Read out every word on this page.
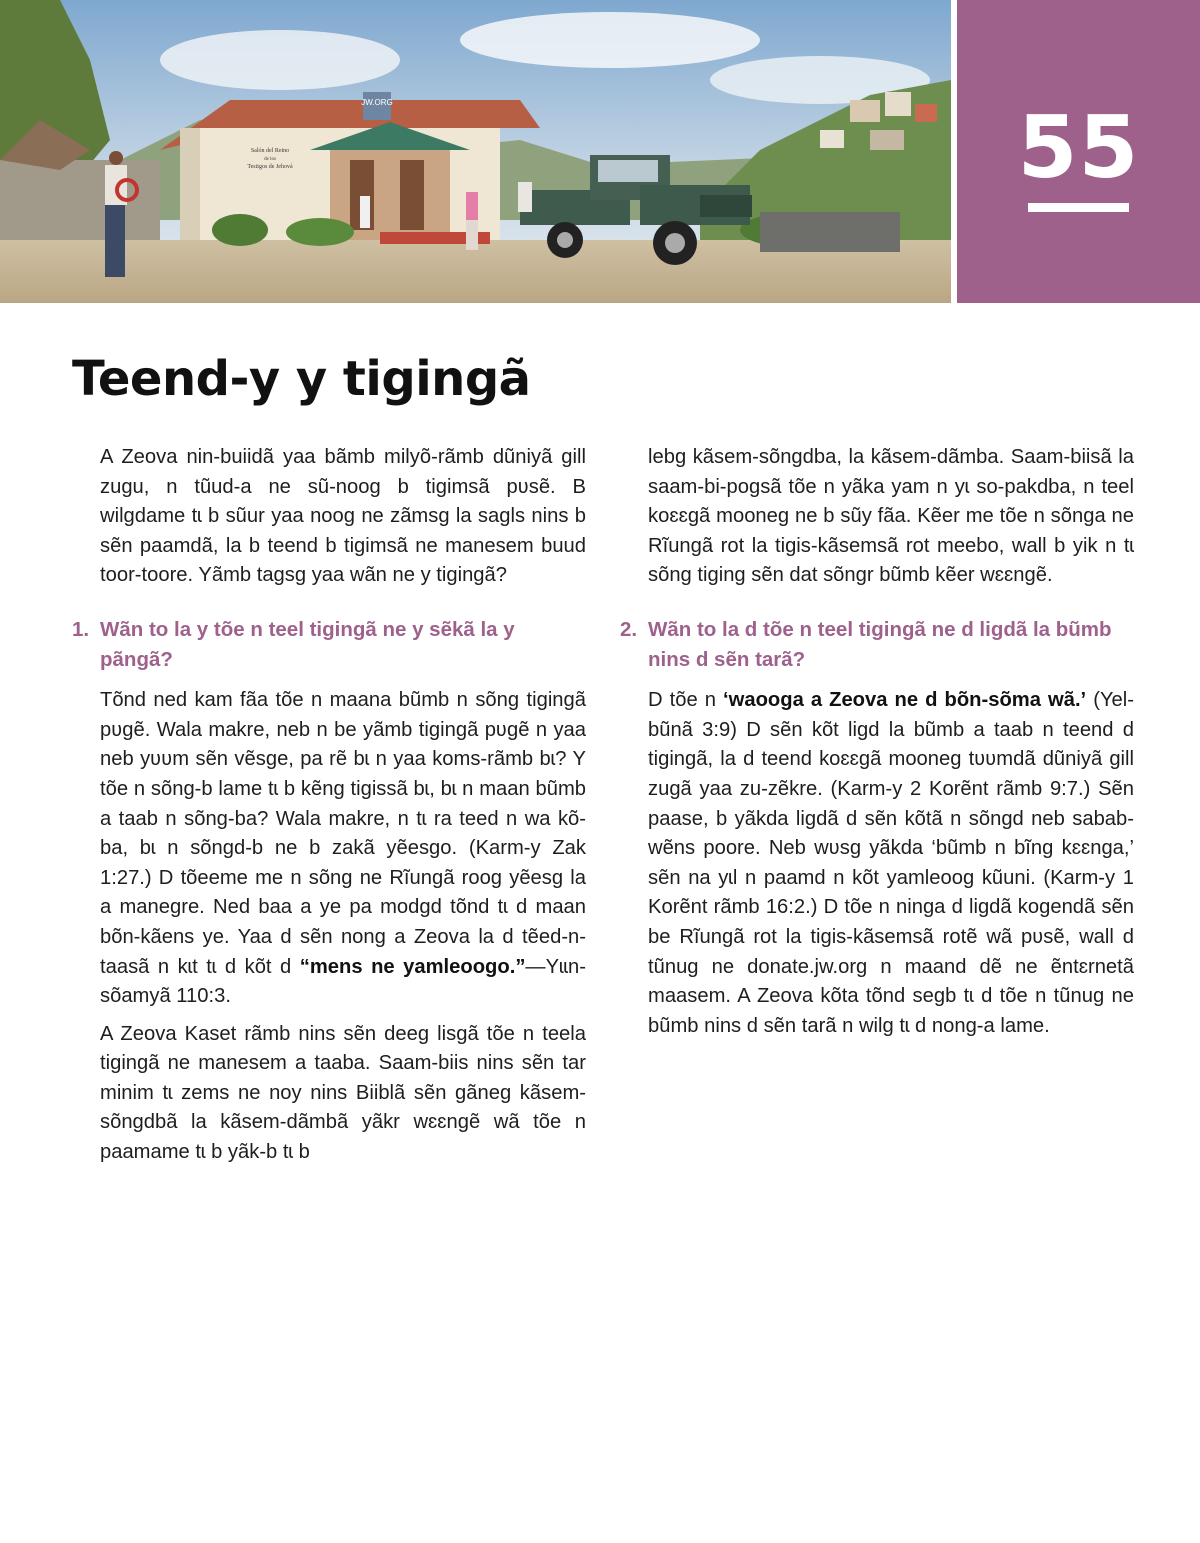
JW.ORG
Salón del Reino
de los
Testigos de Jehová	55
Teend-y y tigingã

A Zeova nin-buiidã yaa bãmb milyõ-rãmb dũniyã gill zugu, n tũud-a ne sũ-noog b tigimsã pʋsẽ. B wilgdame tɩ b sũur yaa noog ne zãmsg la sagls nins b sẽn paamdã, la b teend b tigimsã ne manesem buud toor-toore. Yãmb tagsg yaa wãn ne y tigingã?

1. Wãn to la y tõe n teel tigingã ne y sẽkã la y pãngã?

Tõnd ned kam fãa tõe n maana bũmb n sõng tigingã pʋgẽ. Wala makre, neb n be yãmb tigingã pʋgẽ n yaa neb yʋʋm sẽn vẽsge, pa rẽ bɩ n yaa koms-rãmb bɩ? Y tõe n sõng-b lame tɩ b kẽng tigissã bɩ, bɩ n maan bũmb a taab n sõng-ba? Wala makre, n tɩ ra teed n wa kõ-ba, bɩ n sõngd-b ne b zakã yẽesgo. (Karm-y Zak 1:27.) D tõeeme me n sõng ne Rĩungã roog yẽesg la a manegre. Ned baa a ye pa modgd tõnd tɩ d maan bõn-kãens ye. Yaa d sẽn nong a Zeova la d tẽed-n-taasã n kɩt tɩ d kõt d “mens ne yamleoogo.”—Yɩɩn-sõamyã 110:3.

A Zeova Kaset rãmb nins sẽn deeg lisgã tõe n teela tigingã ne manesem a taaba. Saam-biis nins sẽn tar minim tɩ zems ne noy nins Biiblã sẽn gãneg kãsem-sõngdbã la kãsem-dãmbã yãkr wɛɛngẽ wã tõe n paamame tɩ b yãk-b tɩ b

lebg kãsem-sõngdba, la kãsem-dãmba. Saam-biisã la saam-bi-pogsã tõe n yãka yam n yɩ so-pakdba, n teel koɛɛgã mooneg ne b sũy fãa. Kẽer me tõe n sõnga ne Rĩungã rot la tigis-kãsemsã rot meebo, wall b yik n tɩ sõng tiging sẽn dat sõngr bũmb kẽer wɛɛngẽ.

2. Wãn to la d tõe n teel tigingã ne d ligdã la bũmb nins d sẽn tarã?

D tõe n ‘waooga a Zeova ne d bõn-sõma wã.’ (Yel-bũnã 3:9) D sẽn kõt ligd la bũmb a taab n teend d tigingã, la d teend koɛɛgã mooneg tʋʋmdã dũniyã gill zugã yaa zu-zẽkre. (Karm-y 2 Korẽnt rãmb 9:7.) Sẽn paase, b yãkda ligdã d sẽn kõtã n sõngd neb sabab-wẽns poore. Neb wʋsg yãkda ‘bũmb n bĩng kɛɛnga,’ sẽn na yɩl n paamd n kõt yamleoog kũuni. (Karm-y 1 Korẽnt rãmb 16:2.) D tõe n ninga d ligdã kogendã sẽn be Rĩungã rot la tigis-kãsemsã rotẽ wã pʋsẽ, wall d tũnug ne donate.jw.org n maand dẽ ne ẽntɛrnetã maasem. A Zeova kõta tõnd segb tɩ d tõe n tũnug ne bũmb nins d sẽn tarã n wilg tɩ d nong-a lame.
